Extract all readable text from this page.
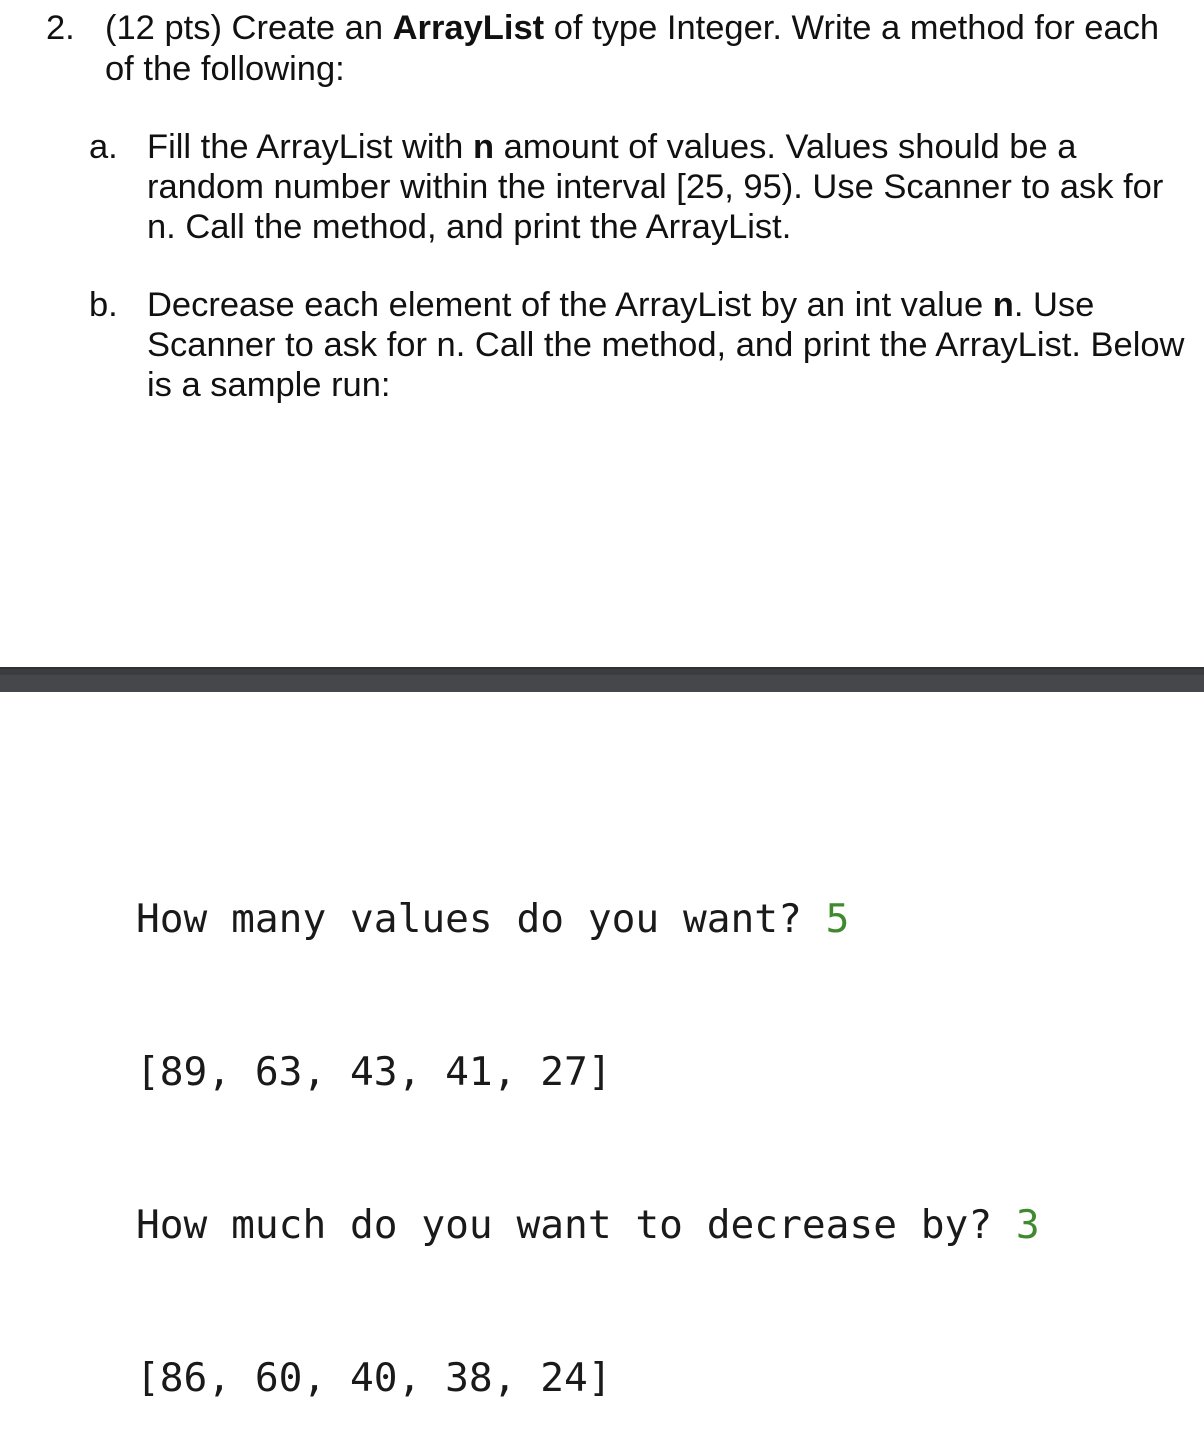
2. (12 pts) Create an ArrayList of type Integer. Write a method for each of the following:
a. Fill the ArrayList with n amount of values. Values should be a random number within the interval [25, 95). Use Scanner to ask for n. Call the method, and print the ArrayList.
b. Decrease each element of the ArrayList by an int value n. Use Scanner to ask for n. Call the method, and print the ArrayList. Below is a sample run:

How many values do you want? 5

[89, 63, 43, 41, 27]

How much do you want to decrease by? 3

[86, 60, 40, 38, 24]
